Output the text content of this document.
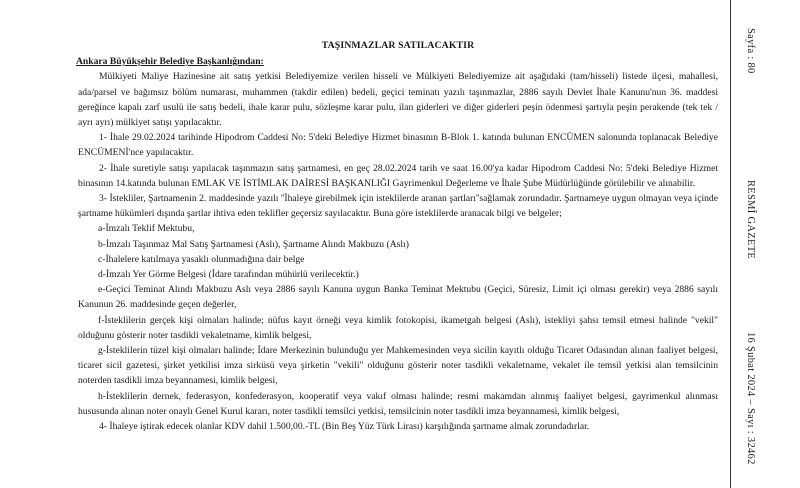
TAŞINMAZLAR SATILACAKTIR
Ankara Büyükşehir Belediye Başkanlığından:

Mülkiyeti Maliye Hazinesine ait satış yetkisi Belediyemize verilen hisseli ve Mülkiyeti Belediyemize ait aşağıdaki (tam/hisseli) listede ilçesi, mahallesi, ada/parsel ve bağımsız bölüm numarası, muhammen (takdir edilen) bedeli, geçici teminatı yazılı taşınmazlar, 2886 sayılı Devlet İhale Kanunu'nun 36. maddesi gereğince kapalı zarf usulü ile satış bedeli, ihale karar pulu, sözleşme karar pulu, ilan giderleri ve diğer giderleri peşin ödenmesi şartıyla peşin perakende (tek tek / ayrı ayrı) mülkiyet satışı yapılacaktır.

1- İhale 29.02.2024 tarihinde Hipodrom Caddesi No: 5'deki Belediye Hizmet binasının B-Blok 1. katında bulunan ENCÜMEN salonunda toplanacak Belediye ENCÜMENİ'nce yapılacaktır.

2- İhale suretiyle satışı yapılacak taşınmazın satış şartnamesi, en geç 28.02.2024 tarih ve saat 16.00'ya kadar Hipodrom Caddesi No: 5'deki Belediye Hizmet binasının 14.katında bulunan EMLAK VE İSTİMLAK DAİRESİ BAŞKANLIĞI Gayrimenkul Değerleme ve İhale Şube Müdürlüğünde görülebilir ve alınabilir.

3- İstekliler, Şartnamenin 2. maddesinde yazılı ''İhaleye girebilmek için isteklilerde aranan şartları''sağlamak zorundadır. Şartnameye uygun olmayan veya içinde şartname hükümleri dışında şartlar ihtiva eden teklifler geçersiz sayılacaktır. Buna göre isteklilerde aranacak bilgi ve belgeler;

a-İmzalı Teklif Mektubu,

b-İmzalı Taşınmaz Mal Satış Şartnamesi (Aslı), Şartname Alındı Makbuzu (Aslı)

c-İhalelere katılmaya yasaklı olunmadığına dair belge

d-İmzalı Yer Görme Belgesi (İdare tarafından mühürlü verilecektir.)

e-Geçici Teminat Alındı Makbuzu Aslı veya 2886 sayılı Kanuna uygun Banka Teminat Mektubu (Geçici, Süresiz, Limit içi olması gerekir) veya 2886 sayılı Kanunun 26. maddesinde geçen değerler,

f-İsteklilerin gerçek kişi olmaları halinde; nüfus kayıt örneği veya kimlik fotokopisi, ikametgah belgesi (Aslı), istekliyi şahsı temsil etmesi halinde "vekil" olduğunu gösterir noter tasdikli vekaletname, kimlik belgesi,

g-İsteklilerin tüzel kişi olmaları halinde; İdare Merkezinin bulunduğu yer Mahkemesinden veya sicilin kayıtlı olduğu Ticaret Odasından alınan faaliyet belgesi, ticaret sicil gazetesi, şirket yetkilisi imza sirküsü veya şirketin "vekili" olduğunu gösterir noter tasdikli vekaletname, vekalet ile temsil yetkisi alan temsilcinin noterden tasdikli imza beyannamesi, kimlik belgesi,

h-İsteklilerin dernek, federasyon, konfederasyon, kooperatif veya vakıf olması halinde; resmi makamdan alınmış faaliyet belgesi, gayrimenkul alınması hususunda alınan noter onaylı Genel Kurul kararı, noter tasdikli temsilci yetkisi, temsilcinin noter tasdikli imza beyannamesi, kimlik belgesi,

4- İhaleye iştirak edecek olanlar KDV dahil 1.500,00.-TL (Bin Beş Yüz Türk Lirası) karşılığında şartname almak zorundadırlar.

Sayfa : 80
RESMÎ GAZETE
16 Şubat 2024 – Sayı : 32462
